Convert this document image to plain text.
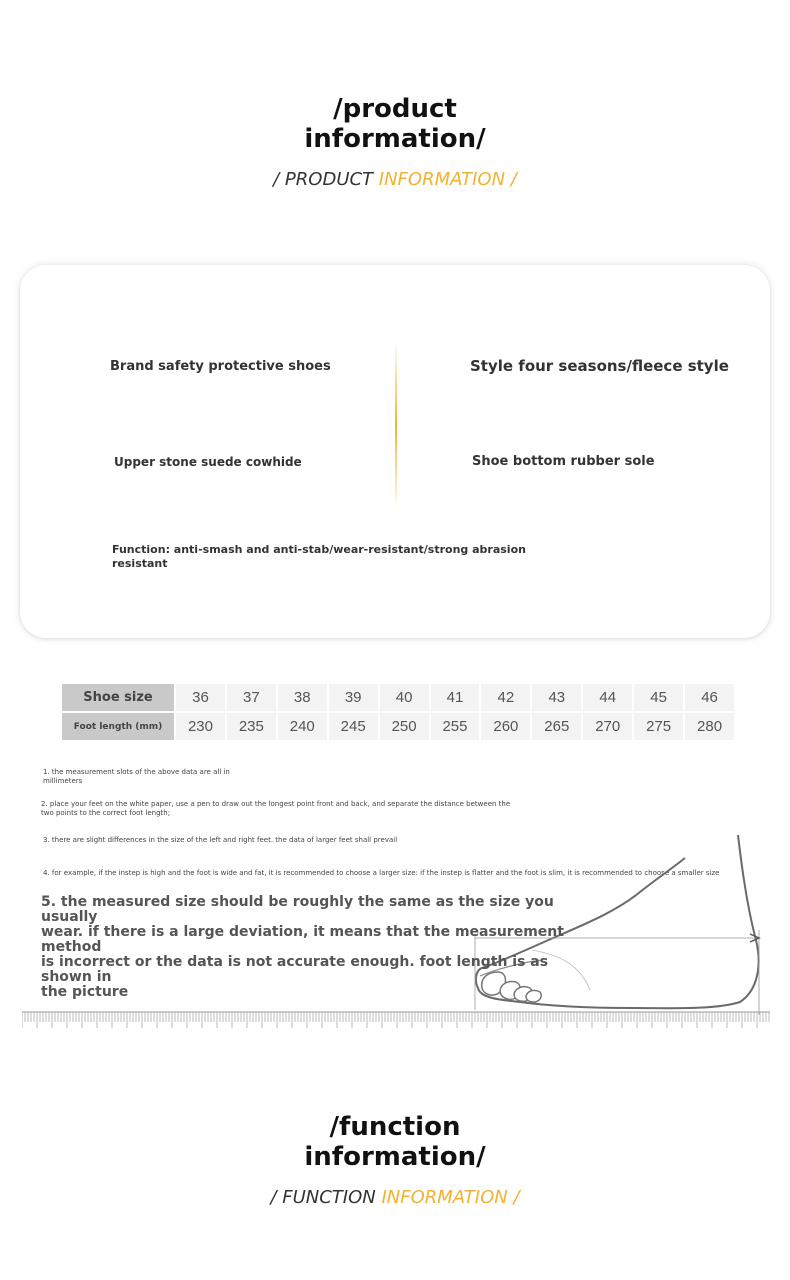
/product
information/
/ PRODUCT INFORMATION /
Brand safety protective shoes	Style four seasons/fleece style
Upper stone suede cowhide	Shoe bottom rubber sole
Function: anti-smash and anti-stab/wear-resistant/strong abrasion
resistant
Shoe size	36	37	38	39	40	41	42	43	44	45	46
Foot length (mm)	230	235	240	245	250	255	260	265	270	275	280
1. the measurement slots of the above data are all in
millimeters
2. place your feet on the white paper, use a pen to draw out the longest point front and back, and separate the distance between the
two points to the correct foot length;
3. there are slight differences in the size of the left and right feet. the data of larger feet shall prevail
4. for example, if the instep is high and the foot is wide and fat, it is recommended to choose a larger size: if the instep is flatter and the foot is slim, it is recommended to choose a smaller size
5. the measured size should be roughly the same as the size you usually
wear. if there is a large deviation, it means that the measurement method
is incorrect or the data is not accurate enough. foot length is as shown in
the picture
/function
information/
/ FUNCTION INFORMATION /
